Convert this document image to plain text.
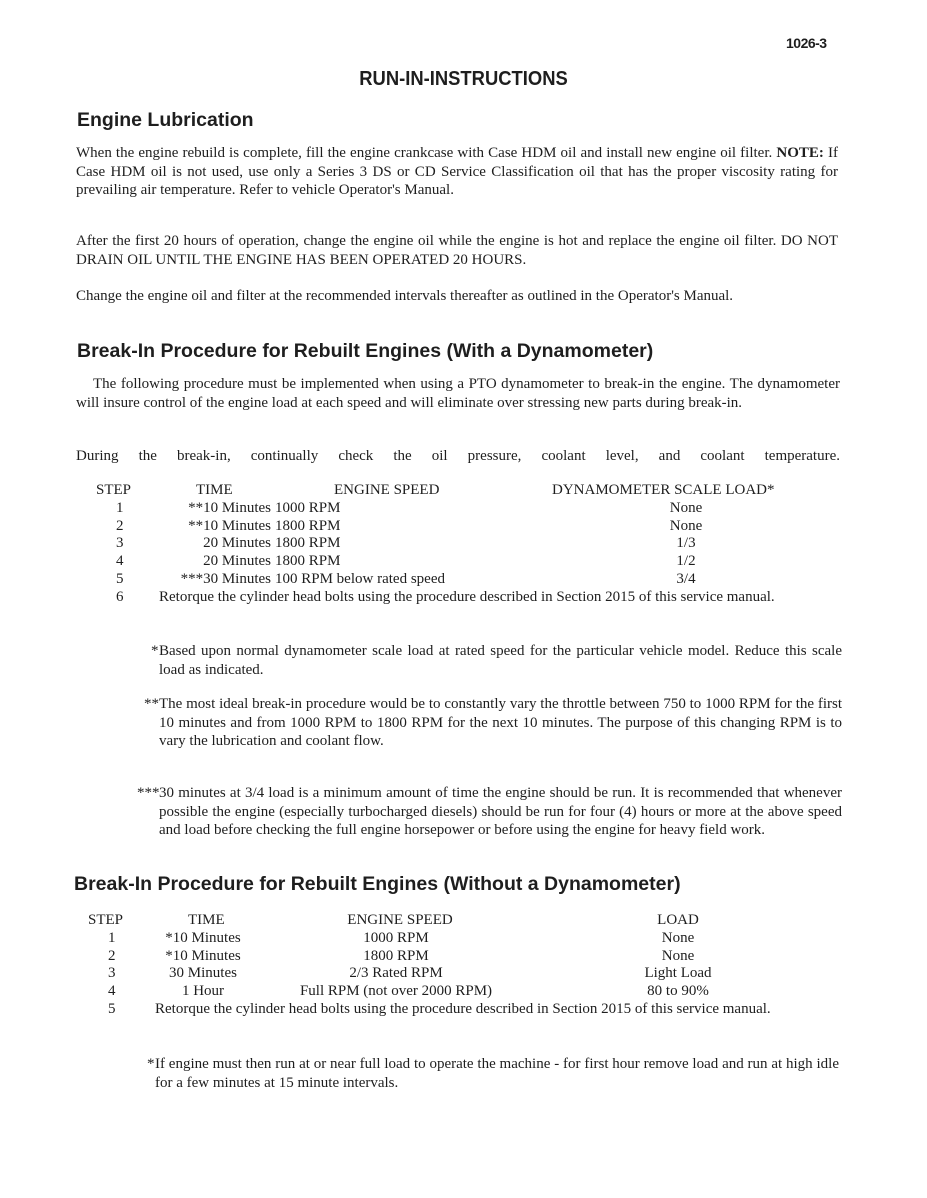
1026-3
RUN-IN-INSTRUCTIONS
Engine Lubrication
When the engine rebuild is complete, fill the engine crankcase with Case HDM oil and install new engine oil filter. NOTE: If Case HDM oil is not used, use only a Series 3 DS or CD Service Classification oil that has the proper viscosity rating for prevailing air temperature. Refer to vehicle Operator's Manual.
After the first 20 hours of operation, change the engine oil while the engine is hot and replace the engine oil filter. DO NOT DRAIN OIL UNTIL THE ENGINE HAS BEEN OPERATED 20 HOURS.
Change the engine oil and filter at the recommended intervals thereafter as outlined in the Operator's Manual.
Break-In Procedure for Rebuilt Engines (With a Dynamometer)
The following procedure must be implemented when using a PTO dynamometer to break-in the engine. The dynamometer will insure control of the engine load at each speed and will eliminate over stressing new parts during break-in.
During the break-in, continually check the oil pressure, coolant level, and coolant temperature.
STEP	TIME	ENGINE SPEED	DYNAMOMETER SCALE LOAD*
1	**10 Minutes 1000 RPM	None
2	**10 Minutes 1800 RPM	None
3	20 Minutes 1800 RPM	1/3
4	20 Minutes 1800 RPM	1/2
5	***30 Minutes 100 RPM below rated speed	3/4
6 Retorque the cylinder head bolts using the procedure described in Section 2015 of this service manual.
* Based upon normal dynamometer scale load at rated speed for the particular vehicle model. Reduce this scale load as indicated.
** The most ideal break-in procedure would be to constantly vary the throttle between 750 to 1000 RPM for the first 10 minutes and from 1000 RPM to 1800 RPM for the next 10 minutes. The purpose of this changing RPM is to vary the lubrication and coolant flow.
*** 30 minutes at 3/4 load is a minimum amount of time the engine should be run. It is recommended that whenever possible the engine (especially turbocharged diesels) should be run for four (4) hours or more at the above speed and load before checking the full engine horsepower or before using the engine for heavy field work.
Break-In Procedure for Rebuilt Engines (Without a Dynamometer)
STEP	TIME	ENGINE SPEED	LOAD
1	*10 Minutes	1000 RPM	None
2	*10 Minutes	1800 RPM	None
3	30 Minutes	2/3 Rated RPM	Light Load
4	1 Hour	Full RPM (not over 2000 RPM)	80 to 90%
5	Retorque the cylinder head bolts using the procedure described in Section 2015 of this service manual.
* If engine must then run at or near full load to operate the machine - for first hour remove load and run at high idle for a few minutes at 15 minute intervals.
